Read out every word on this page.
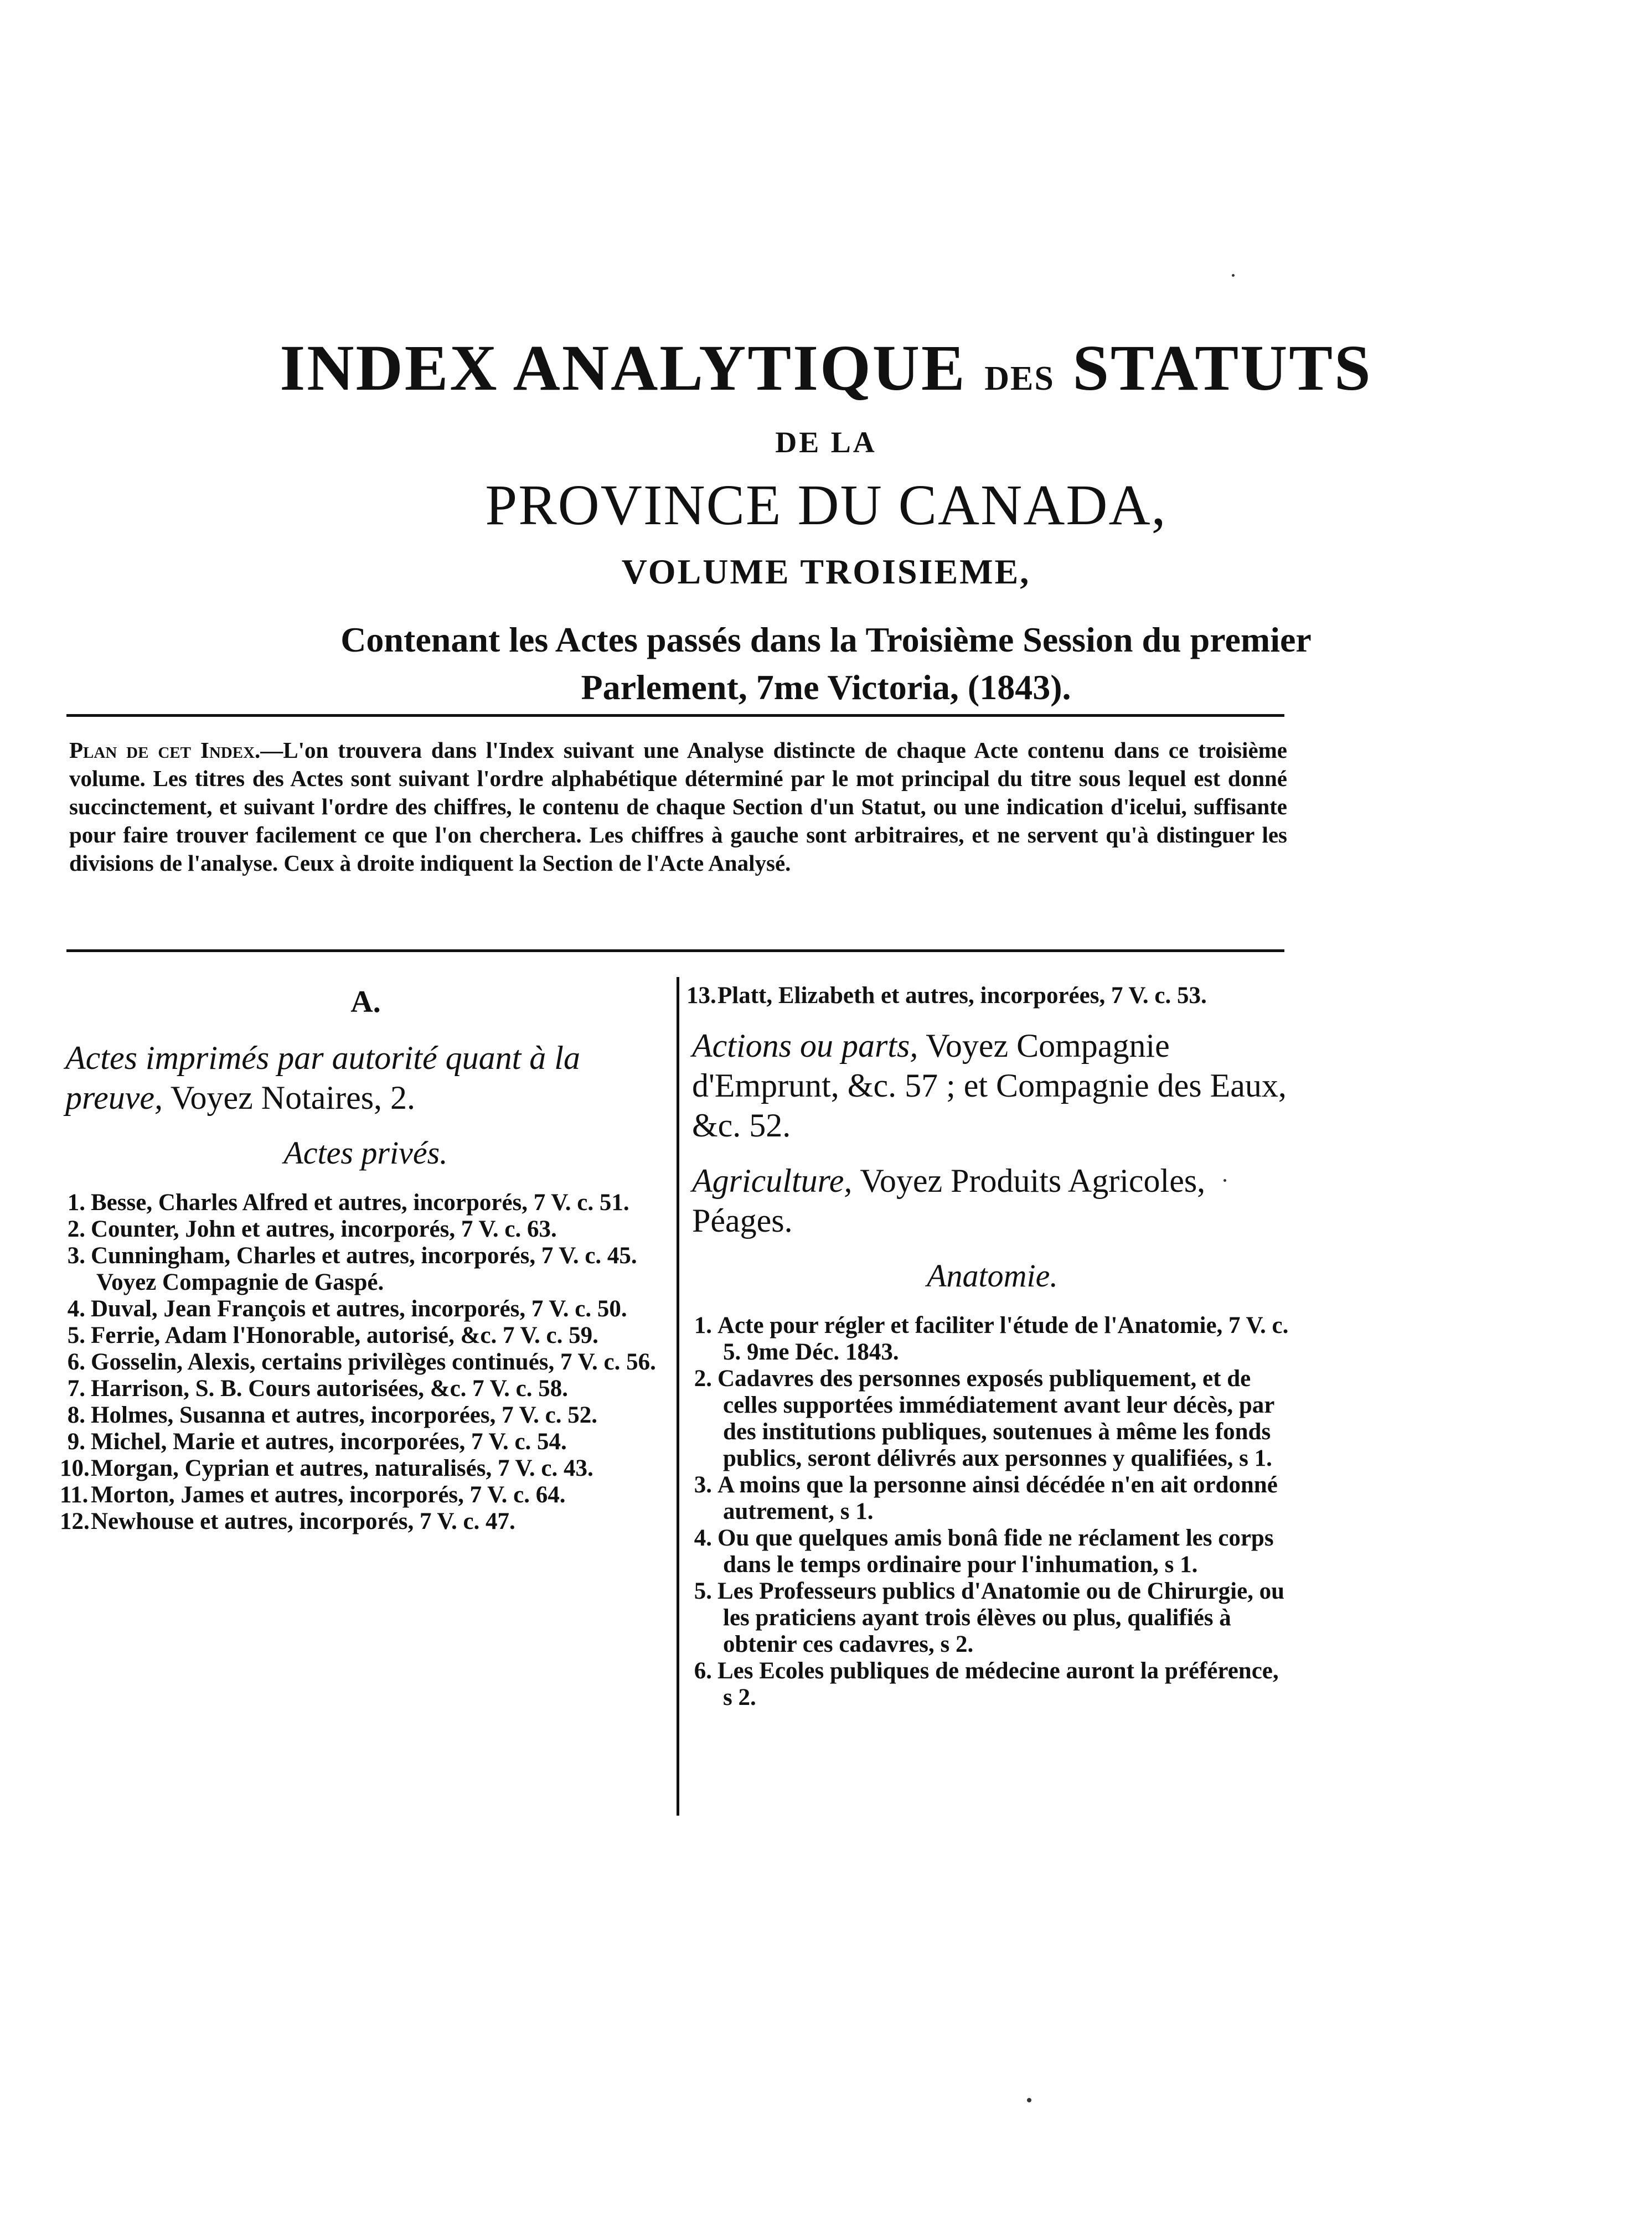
INDEX ANALYTIQUE DES STATUTS
DE LA
PROVINCE DU CANADA,
VOLUME TROISIEME,
Contenant les Actes passés dans la Troisième Session du premier
Parlement, 7me Victoria, (1843).
Plan de cet Index.—L'on trouvera dans l'Index suivant une Analyse distincte de chaque Acte contenu dans ce troisième volume. Les titres des Actes sont suivant l'ordre alphabétique déterminé par le mot principal du titre sous lequel est donné succinctement, et suivant l'ordre des chiffres, le contenu de chaque Section d'un Statut, ou une indication d'icelui, suffisante pour faire trouver facilement ce que l'on cherchera. Les chiffres à gauche sont arbitraires, et ne servent qu'à distinguer les divisions de l'analyse. Ceux à droite indiquent la Section de l'Acte Analysé.
A.
Actes imprimés par autorité quant à la preuve, Voyez Notaires, 2.
Actes privés.
1. Besse, Charles Alfred et autres, incorporés, 7 V. c. 51.
2. Counter, John et autres, incorporés, 7 V. c. 63.
3. Cunningham, Charles et autres, incorporés, 7 V. c. 45. Voyez Compagnie de Gaspé.
4. Duval, Jean François et autres, incorporés, 7 V. c. 50.
5. Ferrie, Adam l'Honorable, autorisé, &c. 7 V. c. 59.
6. Gosselin, Alexis, certains privilèges continués, 7 V. c. 56.
7. Harrison, S. B. Cours autorisées, &c. 7 V. c. 58.
8. Holmes, Susanna et autres, incorporées, 7 V. c. 52.
9. Michel, Marie et autres, incorporées, 7 V. c. 54.
10.Morgan, Cyprian et autres, naturalisés, 7 V. c. 43.
11. Morton, James et autres, incorporés, 7 V. c. 64.
12.Newhouse et autres, incorporés, 7 V. c. 47.
13.Platt, Elizabeth et autres, incorporées, 7 V. c. 53.
Actions ou parts, Voyez Compagnie d'Emprunt, &c. 57 ; et Compagnie des Eaux, &c. 52.
Agriculture, Voyez Produits Agricoles, Péages.
Anatomie.
1. Acte pour régler et faciliter l'étude de l'Anatomie, 7 V. c. 5. 9me Déc. 1843.
2. Cadavres des personnes exposés publiquement, et de celles supportées immédiatement avant leur décès, par des institutions publiques, soutenues à même les fonds publics, seront délivrés aux personnes y qualifiées, s 1.
3. A moins que la personne ainsi décédée n'en ait ordonné autrement, s 1.
4. Ou que quelques amis bonâ fide ne réclament les corps dans le temps ordinaire pour l'inhumation, s 1.
5. Les Professeurs publics d'Anatomie ou de Chirurgie, ou les praticiens ayant trois élèves ou plus, qualifiés à obtenir ces cadavres, s 2.
6. Les Ecoles publiques de médecine auront la préférence, s 2.
